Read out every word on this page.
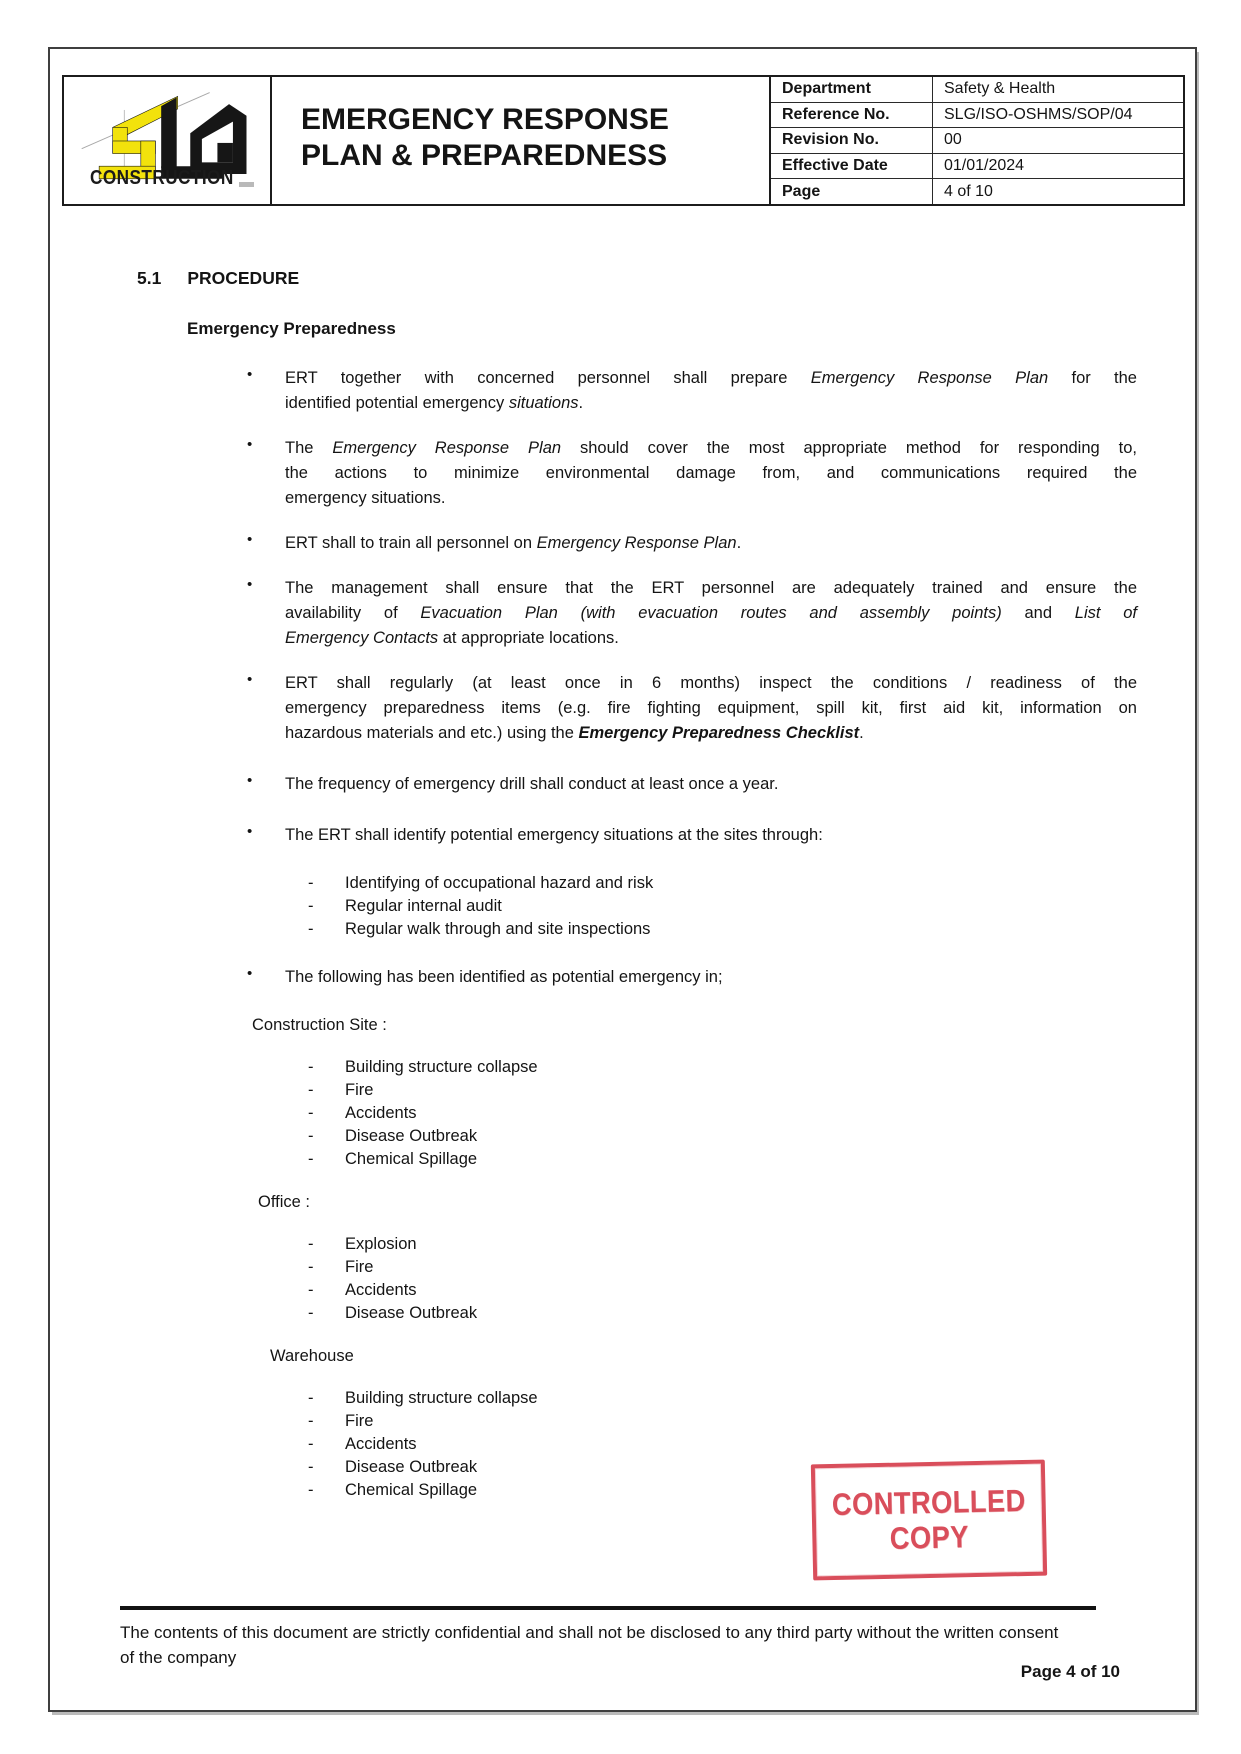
CONSTRUCTION
EMERGENCY RESPONSE
PLAN & PREPAREDNESS
Department	Safety & Health
Reference No.	SLG/ISO-OSHMS/SOP/04
Revision No.	00
Effective Date	01/01/2024
Page	4 of 10
5.1 PROCEDURE
Emergency Preparedness
• ERT together with concerned personnel shall prepare Emergency Response Plan for the
identified potential emergency situations.
• The Emergency Response Plan should cover the most appropriate method for responding to,
the actions to minimize environmental damage from, and communications required the
emergency situations.
• ERT shall to train all personnel on Emergency Response Plan.
• The management shall ensure that the ERT personnel are adequately trained and ensure the
availability of Evacuation Plan (with evacuation routes and assembly points) and List of
Emergency Contacts at appropriate locations.
• ERT shall regularly (at least once in 6 months) inspect the conditions / readiness of the
emergency preparedness items (e.g. fire fighting equipment, spill kit, first aid kit, information on
hazardous materials and etc.) using the Emergency Preparedness Checklist.
• The frequency of emergency drill shall conduct at least once a year.
• The ERT shall identify potential emergency situations at the sites through:
- Identifying of occupational hazard and risk
- Regular internal audit
- Regular walk through and site inspections
• The following has been identified as potential emergency in;
Construction Site :
- Building structure collapse
- Fire
- Accidents
- Disease Outbreak
- Chemical Spillage
Office :
- Explosion
- Fire
- Accidents
- Disease Outbreak
Warehouse
- Building structure collapse
- Fire
- Accidents
- Disease Outbreak
- Chemical Spillage	CONTROLLED
COPY
The contents of this document are strictly confidential and shall not be disclosed to any third party without the written consent of the company
Page 4 of 10
